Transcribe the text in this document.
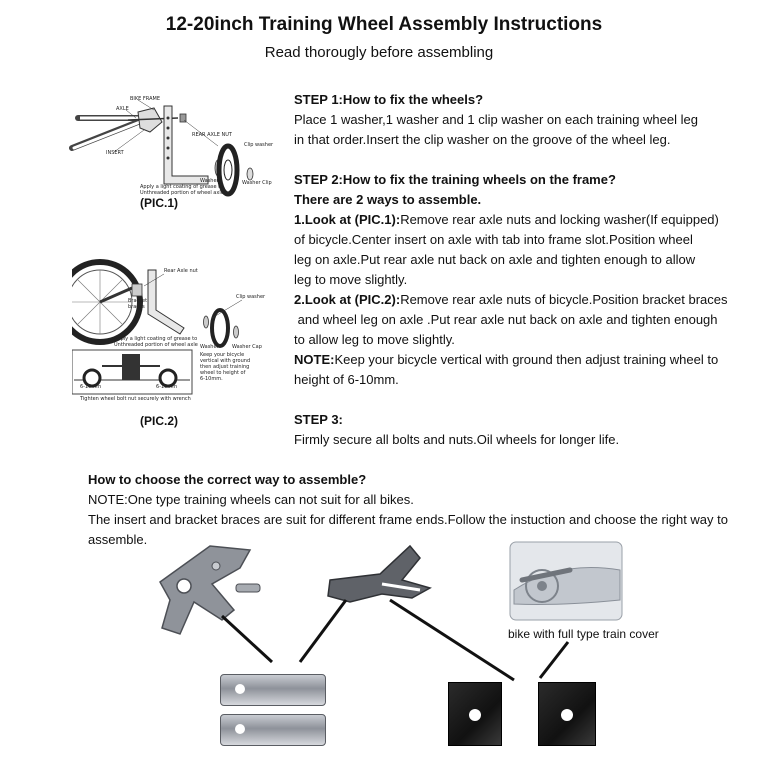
12-20inch Training Wheel Assembly Instructions
Read thorougly before assembling
BIKE FRAME
AXLE
INSERT
REAR AXLE NUT
Clip washer
Washer	Washer Clip
Apply a light coating of grease to
Unthreaded portion of wheel axle
(PIC.1)
Rear Axle nut
Bracket
braces
Clip washer
Washer	Washer Cap
Apply a light coating of grease to
Unthreaded portion of wheel axle
Keep your bicycle
vertical with ground
then adjust training
wheel to height of
6-10mm.
6-10mm	6-10mm
Tighten wheel bolt nut securely with wrench
(PIC.2)
STEP 1:How to fix the wheels?
Place 1 washer,1 washer and 1 clip washer on each training wheel leg
in that order.Insert the clip washer on the groove of the wheel leg.
STEP 2:How to fix the training wheels on the frame?
There are 2 ways to assemble.
1.Look at (PIC.1):Remove rear axle nuts and locking washer(If equipped)
of bicycle.Center insert on axle with tab into frame slot.Position wheel
leg on axle.Put rear axle nut back on axle and tighten enough to allow
leg to move slightly.
2.Look at (PIC.2):Remove rear axle nuts of bicycle.Position bracket braces
and wheel leg on axle .Put rear axle nut back on axle and tighten enough
to allow leg to move slightly.
NOTE:Keep your bicycle vertical with ground then adjust training wheel to
height of 6-10mm.
STEP 3:
Firmly secure all bolts and nuts.Oil wheels for longer life.
How to choose the correct way to assemble?
NOTE:One type training wheels can not suit for all bikes.
The insert and bracket braces are suit for different frame ends.Follow the instuction and choose the right way to
assemble.
bike with full type train cover
